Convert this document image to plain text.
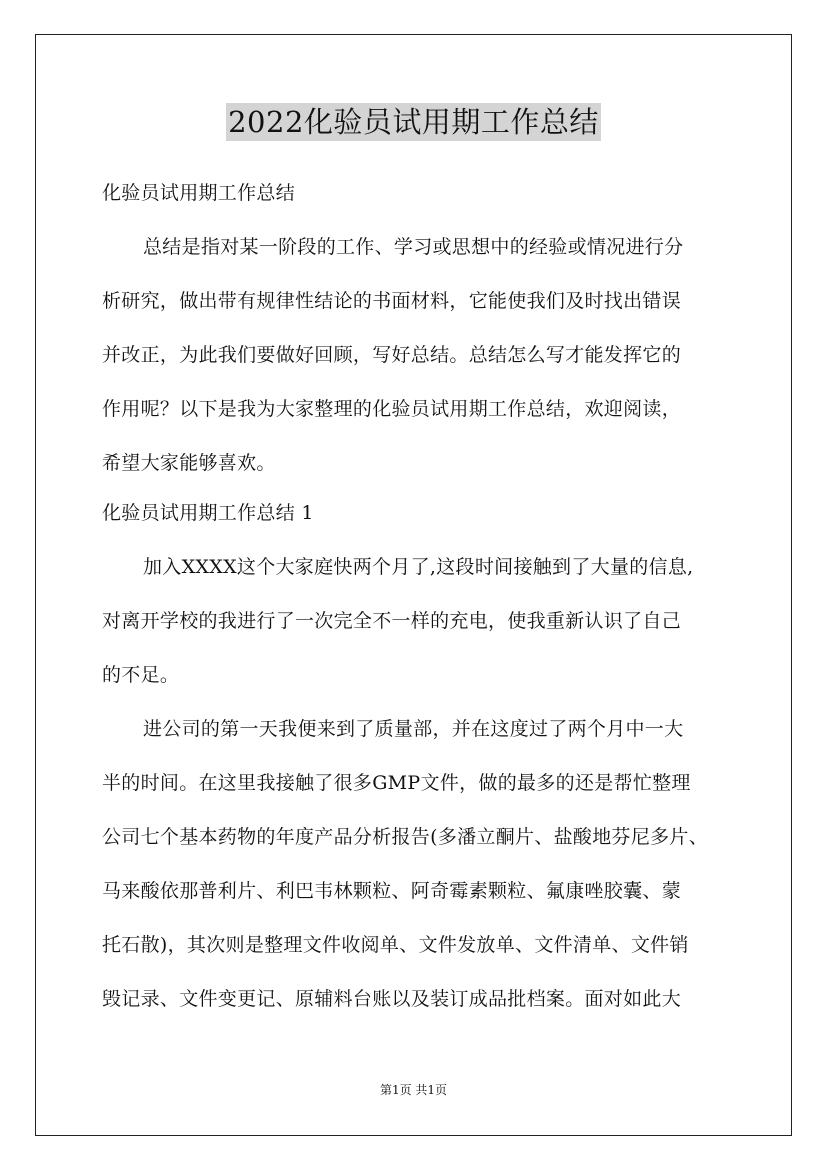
2022化验员试用期工作总结
化验员试用期工作总结
总结是指对某一阶段的工作、学习或思想中的经验或情况进行分
析研究，做出带有规律性结论的书面材料，它能使我们及时找出错误
并改正，为此我们要做好回顾，写好总结。总结怎么写才能发挥它的
作用呢？以下是我为大家整理的化验员试用期工作总结，欢迎阅读，
希望大家能够喜欢。
化验员试用期工作总结 1
加入XXXX这个大家庭快两个月了,这段时间接触到了大量的信息,
对离开学校的我进行了一次完全不一样的充电，使我重新认识了自己
的不足。
进公司的第一天我便来到了质量部，并在这度过了两个月中一大
半的时间。在这里我接触了很多GMP文件，做的最多的还是帮忙整理
公司七个基本药物的年度产品分析报告(多潘立酮片、盐酸地芬尼多片、
马来酸依那普利片、利巴韦林颗粒、阿奇霉素颗粒、氟康唑胶囊、蒙
托石散)，其次则是整理文件收阅单、文件发放单、文件清单、文件销
毁记录、文件变更记、原辅料台账以及装订成品批档案。面对如此大
第1页 共1页
